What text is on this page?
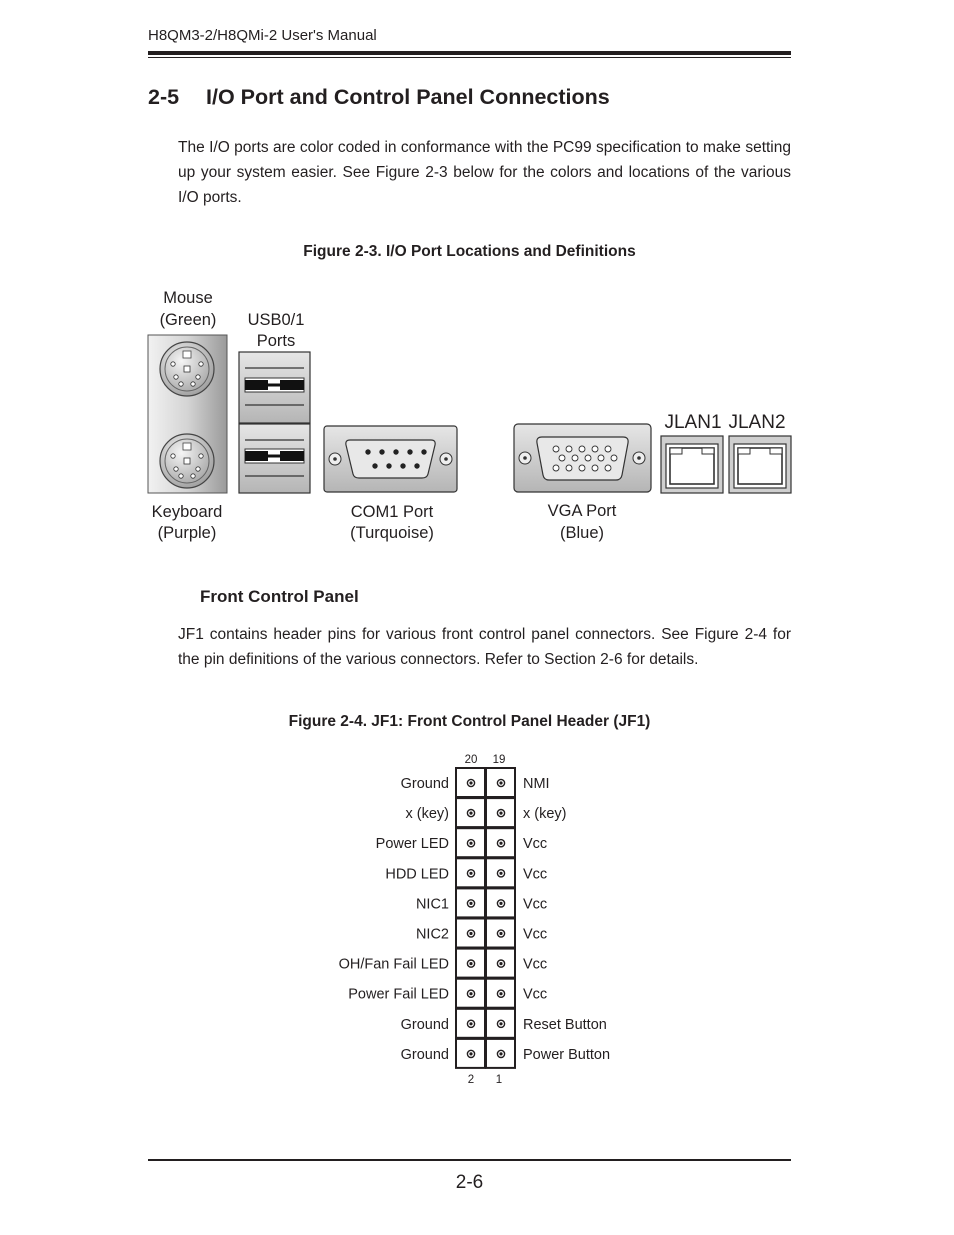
H8QM3-2/H8QMi-2 User's Manual
2-5 I/O Port and Control Panel Connections
The I/O ports are color coded in conformance with the PC99 specification to make setting up your system easier. See Figure 2-3 below for the colors and locations of the various I/O ports.
Figure 2-3. I/O Port Locations and Definitions
Mouse
(Green) USB0/1
Ports
JLAN1 JLAN2
Keyboard
(Purple)
COM1 Port
(Turquoise)
VGA Port
(Blue)
20 19
2 1
Ground	NMI
x (key)	x (key)
Power LED	Vcc
HDD LED	Vcc
NIC1	Vcc
NIC2	Vcc
OH/Fan Fail LED	Vcc
Power Fail LED	Vcc
Ground	Reset Button
Ground	Power Button
Front Control Panel
JF1 contains header pins for various front control panel connectors. See Figure 2-4 for the pin definitions of the various connectors. Refer to Section 2-6 for details.
Figure 2-4. JF1: Front Control Panel Header (JF1)
2-6
